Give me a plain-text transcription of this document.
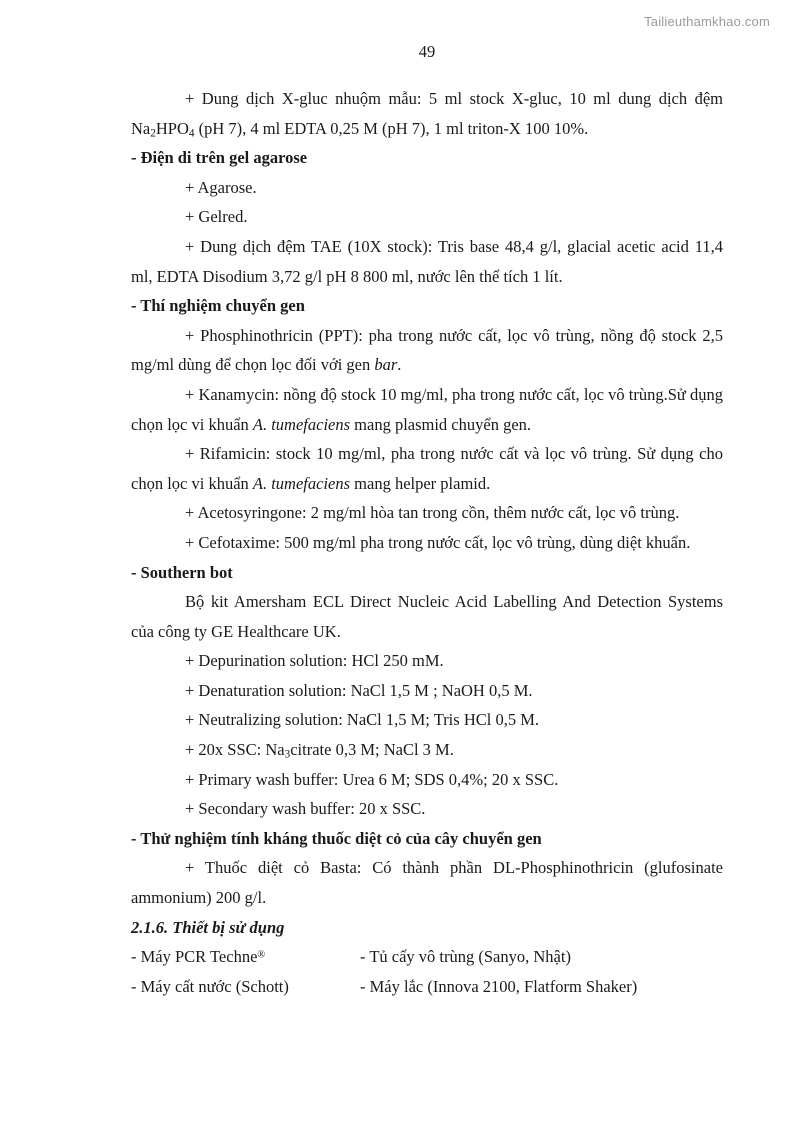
Tailieuthamkhao.com

49

+ Dung dịch X-gluc nhuộm mẫu: 5 ml stock X-gluc, 10 ml dung dịch đệm $Na_2HPO_4$ (pH 7), 4 ml EDTA 0,25 M (pH 7), 1 ml triton-X 100 10%.

- Điện di trên gel agarose

+ Agarose.

+ Gelred.

+ Dung dịch đệm TAE (10X stock): Tris base 48,4 g/l, glacial acetic acid 11,4 ml, EDTA Disodium 3,72 g/l pH 8 800 ml, nước lên thể tích 1 lít.

- Thí nghiệm chuyển gen

+ Phosphinothricin (PPT): pha trong nước cất, lọc vô trùng, nồng độ stock 2,5 mg/ml dùng để chọn lọc đối với gen bar.

+ Kanamycin: nồng độ stock 10 mg/ml, pha trong nước cất, lọc vô trùng.Sử dụng chọn lọc vi khuẩn A. tumefaciens mang plasmid chuyển gen.

+ Rifamicin: stock 10 mg/ml, pha trong nước cất và lọc vô trùng. Sử dụng cho chọn lọc vi khuẩn A. tumefaciens mang helper plamid.

+ Acetosyringone: 2 mg/ml hòa tan trong cồn, thêm nước cất, lọc vô trùng.

+ Cefotaxime: 500 mg/ml pha trong nước cất, lọc vô trùng, dùng diệt khuẩn.

- Southern bot

Bộ kit Amersham ECL Direct Nucleic Acid Labelling And Detection Systems của công ty GE Healthcare UK.

+ Depurination solution: HCl 250 mM.

+ Denaturation solution: NaCl 1,5 M ; NaOH 0,5 M.

+ Neutralizing solution: NaCl 1,5 M; Tris HCl 0,5 M.

+ 20x SSC: $Na_3citrate$ 0,3 M; NaCl 3 M.

+ Primary wash buffer: Urea 6 M; SDS 0,4%; 20 x SSC.

+ Secondary wash buffer: 20 x SSC.

- Thử nghiệm tính kháng thuốc diệt cỏ của cây chuyển gen

+ Thuốc diệt cỏ Basta: Có thành phần DL-Phosphinothricin (glufosinate ammonium) 200 g/l.

2.1.6. Thiết bị sử dụng

- Máy PCR Techne®	- Tủ cấy vô trùng (Sanyo, Nhật)
- Máy cất nước (Schott)	- Máy lắc (Innova 2100, Flatform Shaker)
